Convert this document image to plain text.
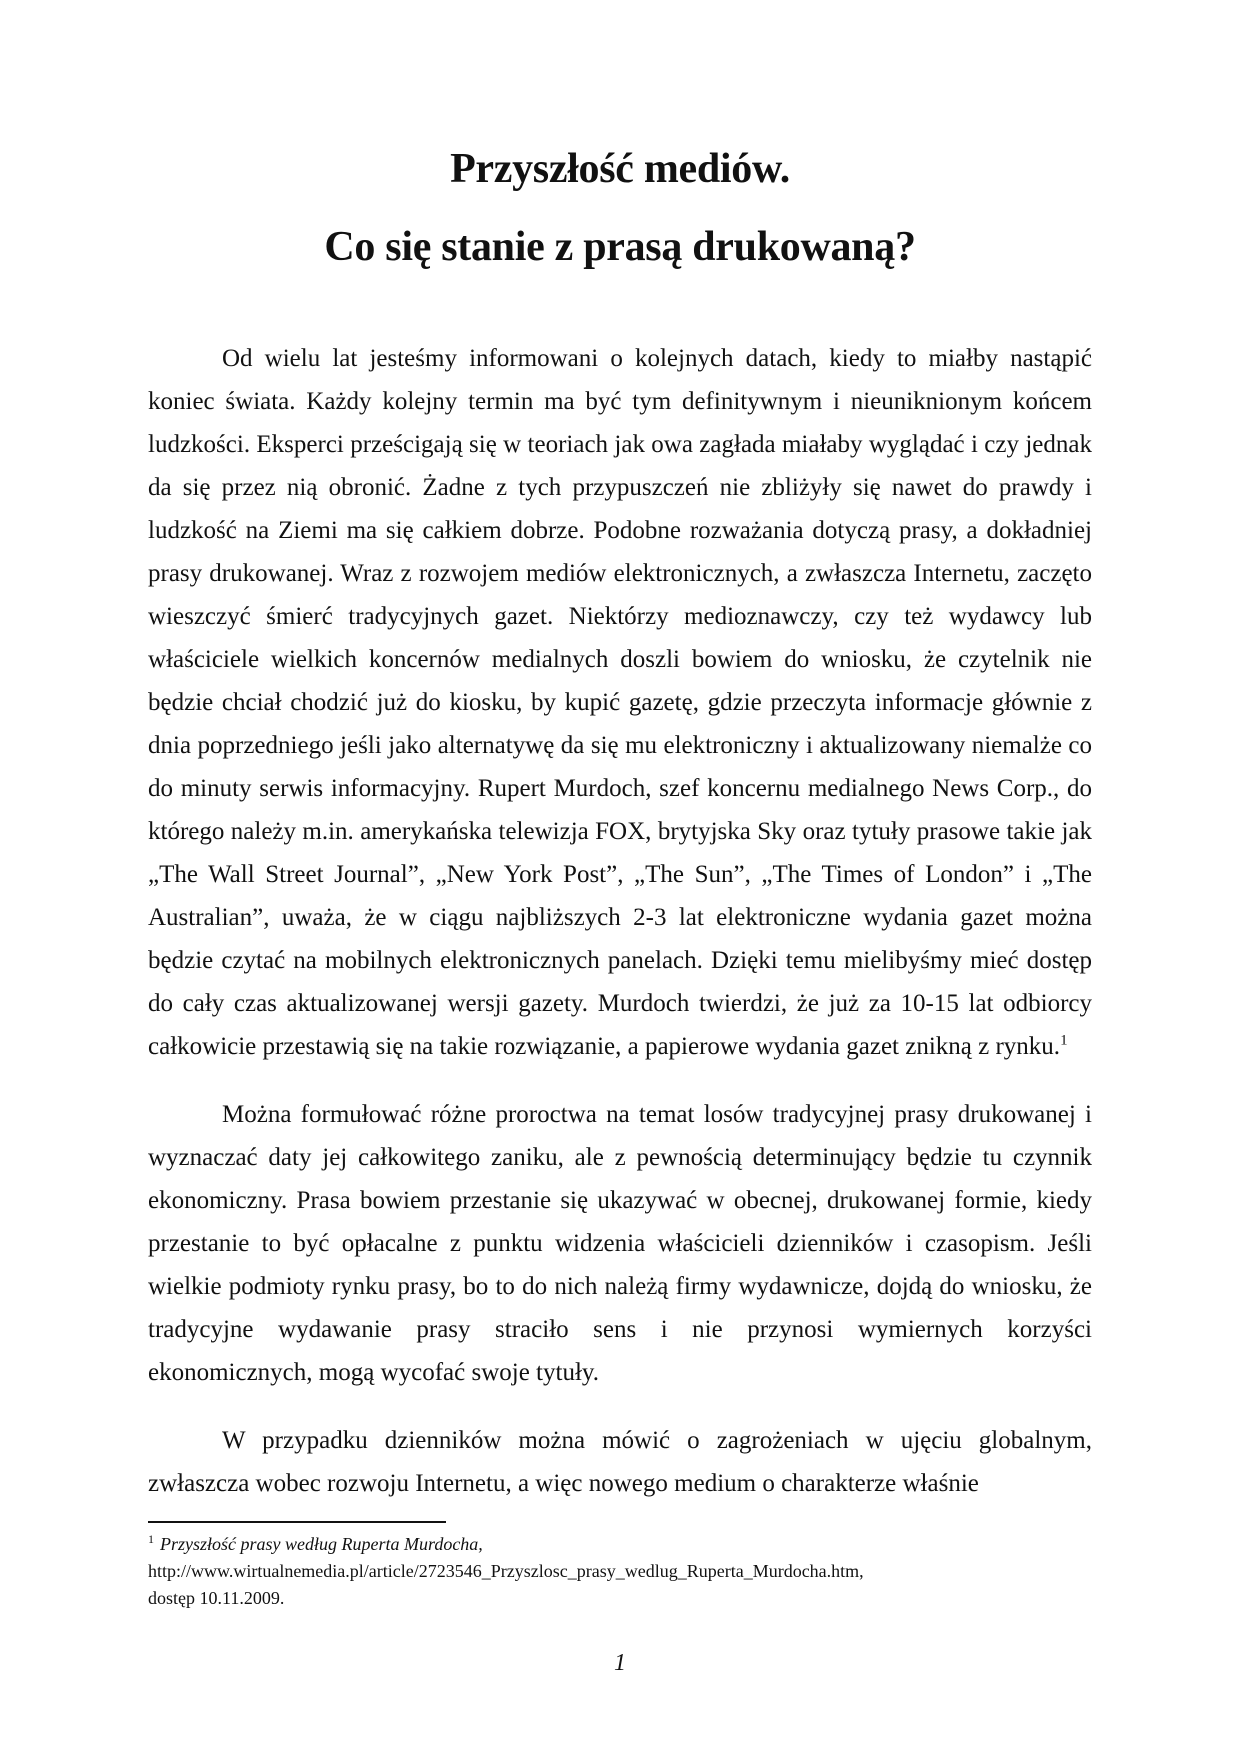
Przyszłość mediów.
Co się stanie z prasą drukowaną?

Od wielu lat jesteśmy informowani o kolejnych datach, kiedy to miałby nastąpić koniec świata. Każdy kolejny termin ma być tym definitywnym i nieuniknionym końcem ludzkości. Eksperci prześcigają się w teoriach jak owa zagłada miałaby wyglądać i czy jednak da się przez nią obronić. Żadne z tych przypuszczeń nie zbliżyły się nawet do prawdy i ludzkość na Ziemi ma się całkiem dobrze. Podobne rozważania dotyczą prasy, a dokładniej prasy drukowanej. Wraz z rozwojem mediów elektronicznych, a zwłaszcza Internetu, zaczęto wieszczyć śmierć tradycyjnych gazet. Niektórzy medioznawczy, czy też wydawcy lub właściciele wielkich koncernów medialnych doszli bowiem do wniosku, że czytelnik nie będzie chciał chodzić już do kiosku, by kupić gazetę, gdzie przeczyta informacje głównie z dnia poprzedniego jeśli jako alternatywę da się mu elektroniczny i aktualizowany niemalże co do minuty serwis informacyjny. Rupert Murdoch, szef koncernu medialnego News Corp., do którego należy m.in. amerykańska telewizja FOX, brytyjska Sky oraz tytuły prasowe takie jak „The Wall Street Journal”, „New York Post”, „The Sun”, „The Times of London” i „The Australian”, uważa, że w ciągu najbliższych 2-3 lat elektroniczne wydania gazet można będzie czytać na mobilnych elektronicznych panelach. Dzięki temu mielibyśmy mieć dostęp do cały czas aktualizowanej wersji gazety. Murdoch twierdzi, że już za 10-15 lat odbiorcy całkowicie przestawią się na takie rozwiązanie, a papierowe wydania gazet znikną z rynku.$^1$

Można formułować różne proroctwa na temat losów tradycyjnej prasy drukowanej i wyznaczać daty jej całkowitego zaniku, ale z pewnością determinujący będzie tu czynnik ekonomiczny. Prasa bowiem przestanie się ukazywać w obecnej, drukowanej formie, kiedy przestanie to być opłacalne z punktu widzenia właścicieli dzienników i czasopism. Jeśli wielkie podmioty rynku prasy, bo to do nich należą firmy wydawnicze, dojdą do wniosku, że tradycyjne wydawanie prasy straciło sens i nie przynosi wymiernych korzyści ekonomicznych, mogą wycofać swoje tytuły.

W przypadku dzienników można mówić o zagrożeniach w ujęciu globalnym, zwłaszcza wobec rozwoju Internetu, a więc nowego medium o charakterze właśnie

$^1$ Przyszłość prasy według Ruperta Murdocha,
http://www.wirtualnemedia.pl/article/2723546_Przyszlosc_prasy_wedlug_Ruperta_Murdocha.htm,
dostęp 10.11.2009.
1
